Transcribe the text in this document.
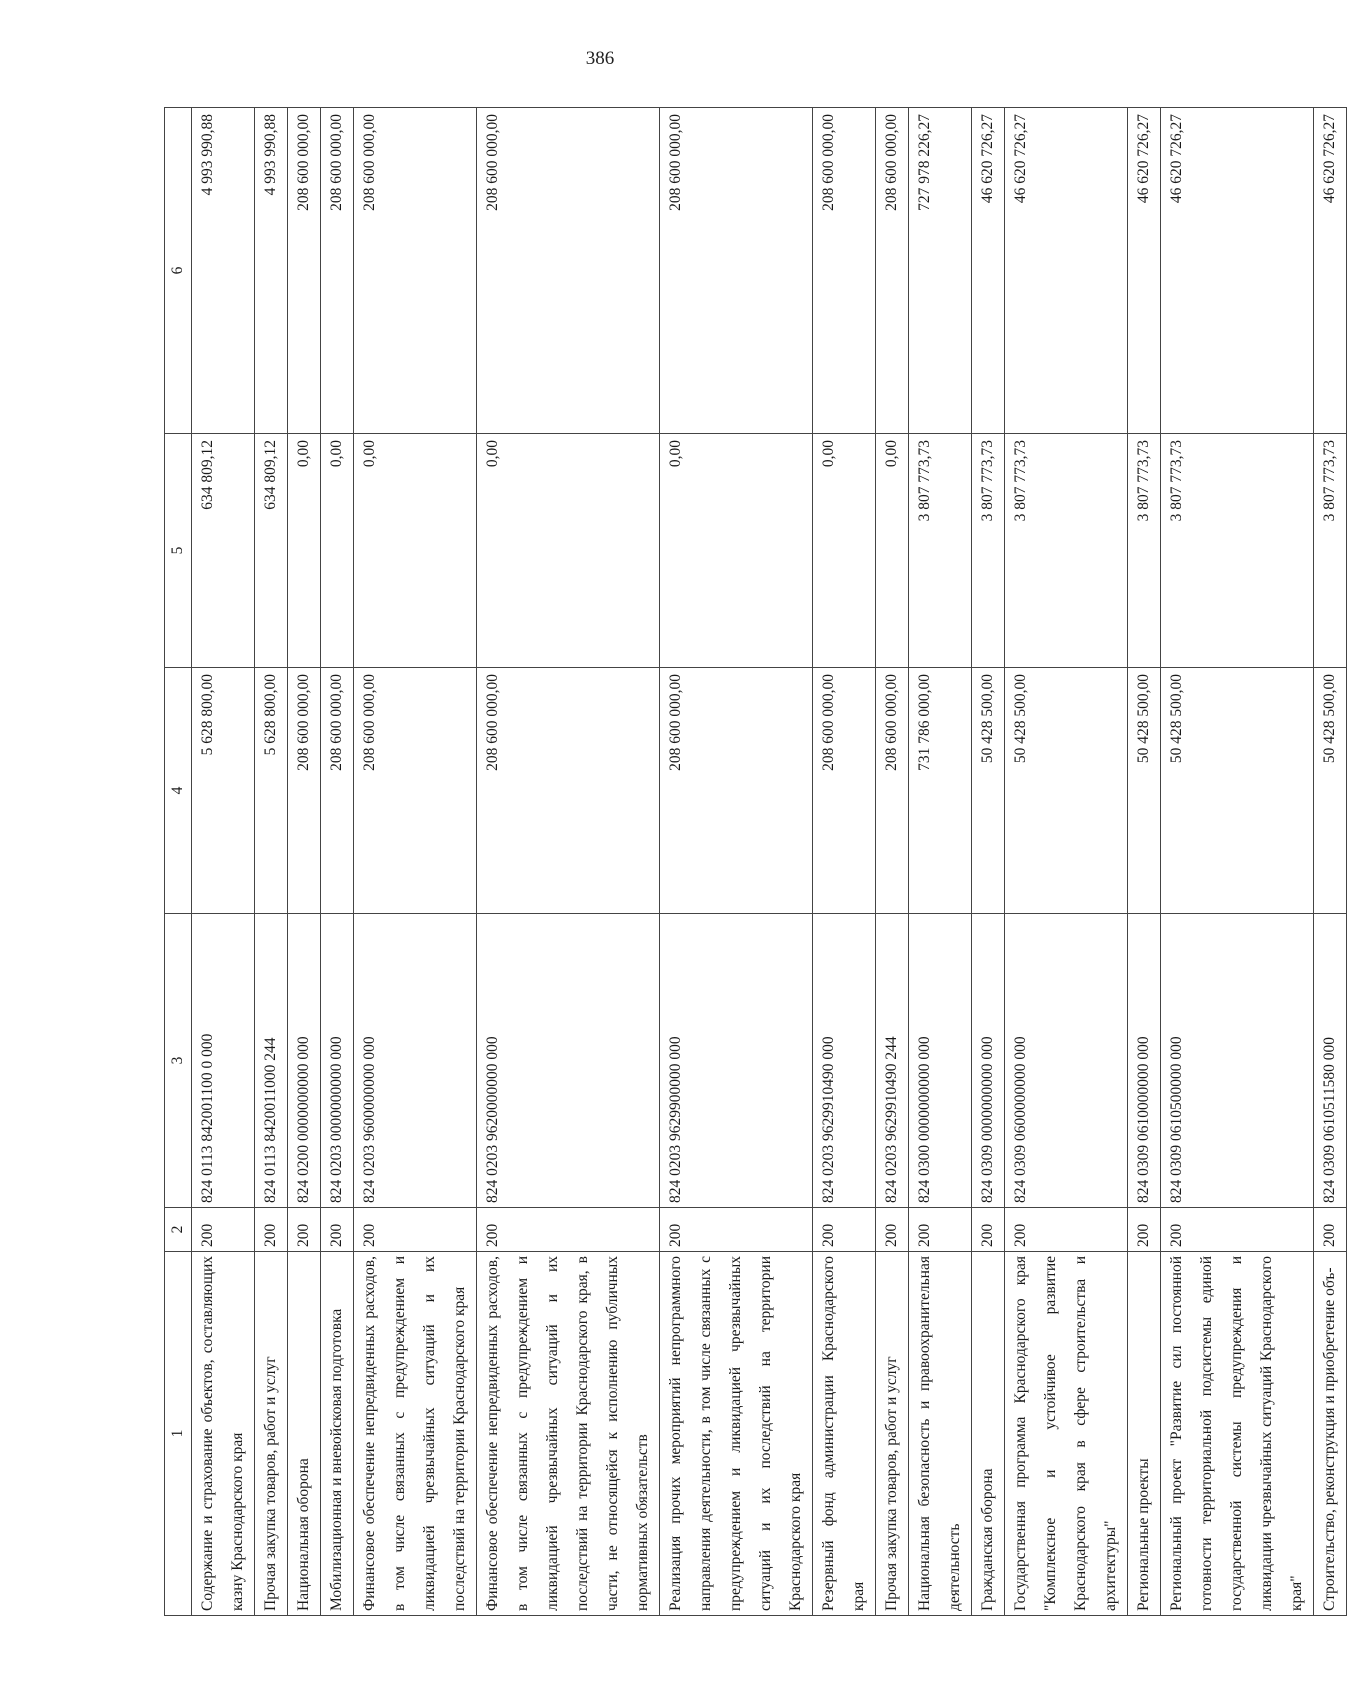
386
1	2	3	4	5	6
Содержание и страхование объектов, составляющих казну Краснодарского края	200	824 0113 842001100 0 000	5 628 800,00	634 809,12	4 993 990,88
Прочая закупка товаров, работ и услуг	200	824 0113 8420011000 244	5 628 800,00	634 809,12	4 993 990,88
Национальная оборона	200	824 0200 0000000000 000	208 600 000,00	0,00	208 600 000,00
Мобилизационная и вневойсковая подготовка	200	824 0203 0000000000 000	208 600 000,00	0,00	208 600 000,00
Финансовое обеспечение непредвиденных расходов, в том числе связанных с предупреждением и ликвидацией чрезвычайных ситуаций и их последствий на территории Краснодарского края	200	824 0203 9600000000 000	208 600 000,00	0,00	208 600 000,00
Финансовое обеспечение непредвиденных расходов, в том числе связанных с предупреждением и ликвидацией чрезвычайных ситуаций и их последствий на территории Краснодарского края, в части, не относящейся к исполнению публичных нормативных обязательств	200	824 0203 9620000000 000	208 600 000,00	0,00	208 600 000,00
Реализация прочих мероприятий непрограммного направления деятельности, в том числе связанных с предупреждением и ликвидацией чрезвычайных ситуаций и их последствий на территории Краснодарского края	200	824 0203 9629900000 000	208 600 000,00	0,00	208 600 000,00
Резервный фонд администрации Краснодарского края	200	824 0203 9629910490 000	208 600 000,00	0,00	208 600 000,00
Прочая закупка товаров, работ и услуг	200	824 0203 9629910490 244	208 600 000,00	0,00	208 600 000,00
Национальная безопасность и правоохранительная деятельность	200	824 0300 0000000000 000	731 786 000,00	3 807 773,73	727 978 226,27
Гражданская оборона	200	824 0309 0000000000 000	50 428 500,00	3 807 773,73	46 620 726,27
Государственная программа Краснодарского края "Комплексное и устойчивое развитие Краснодарского края в сфере строительства и архитектуры"	200	824 0309 0600000000 000	50 428 500,00	3 807 773,73	46 620 726,27
Региональные проекты	200	824 0309 0610000000 000	50 428 500,00	3 807 773,73	46 620 726,27
Региональный проект "Развитие сил постоянной готовности территориальной подсистемы единой государственной системы предупреждения и ликвидации чрезвычайных ситуаций Краснодарского края"	200	824 0309 0610500000 000	50 428 500,00	3 807 773,73	46 620 726,27
Строительство, реконструкция и приобретение объ-	200	824 0309 0610511580 000	50 428 500,00	3 807 773,73	46 620 726,27
